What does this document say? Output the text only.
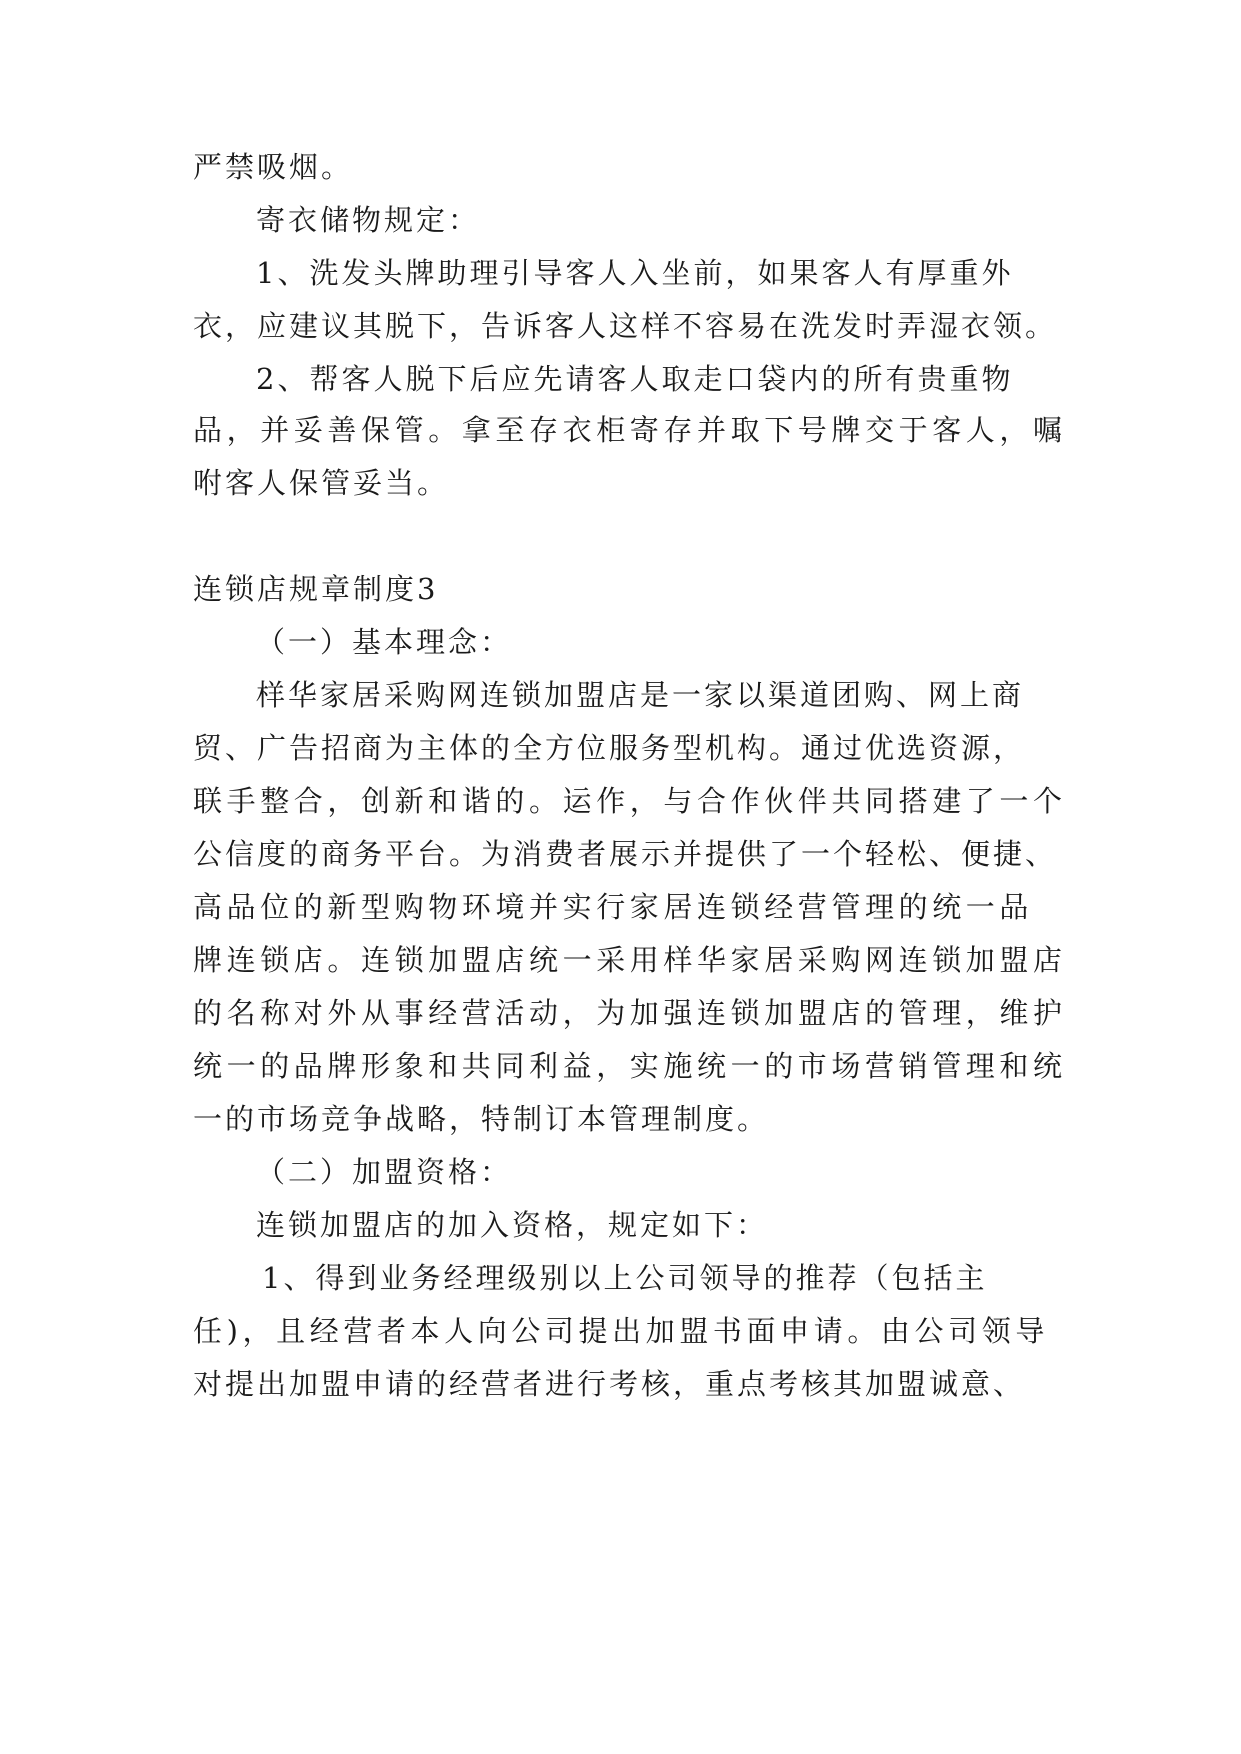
严禁吸烟。
寄衣储物规定：
1、洗发头牌助理引导客人入坐前，如果客人有厚重外
衣，应建议其脱下，告诉客人这样不容易在洗发时弄湿衣领。
2、帮客人脱下后应先请客人取走口袋内的所有贵重物
品，并妥善保管。拿至存衣柜寄存并取下号牌交于客人，嘱
咐客人保管妥当。
连锁店规章制度3
（一）基本理念：
样华家居采购网连锁加盟店是一家以渠道团购、网上商
贸、广告招商为主体的全方位服务型机构。通过优选资源，
联手整合，创新和谐的。运作，与合作伙伴共同搭建了一个
公信度的商务平台。为消费者展示并提供了一个轻松、便捷、
高品位的新型购物环境并实行家居连锁经营管理的统一品
牌连锁店。连锁加盟店统一采用样华家居采购网连锁加盟店
的名称对外从事经营活动，为加强连锁加盟店的管理，维护
统一的品牌形象和共同利益，实施统一的市场营销管理和统
一的市场竞争战略，特制订本管理制度。
（二）加盟资格：
连锁加盟店的加入资格，规定如下：
1、得到业务经理级别以上公司领导的推荐（包括主
任)，且经营者本人向公司提出加盟书面申请。由公司领导
对提出加盟申请的经营者进行考核，重点考核其加盟诚意、
